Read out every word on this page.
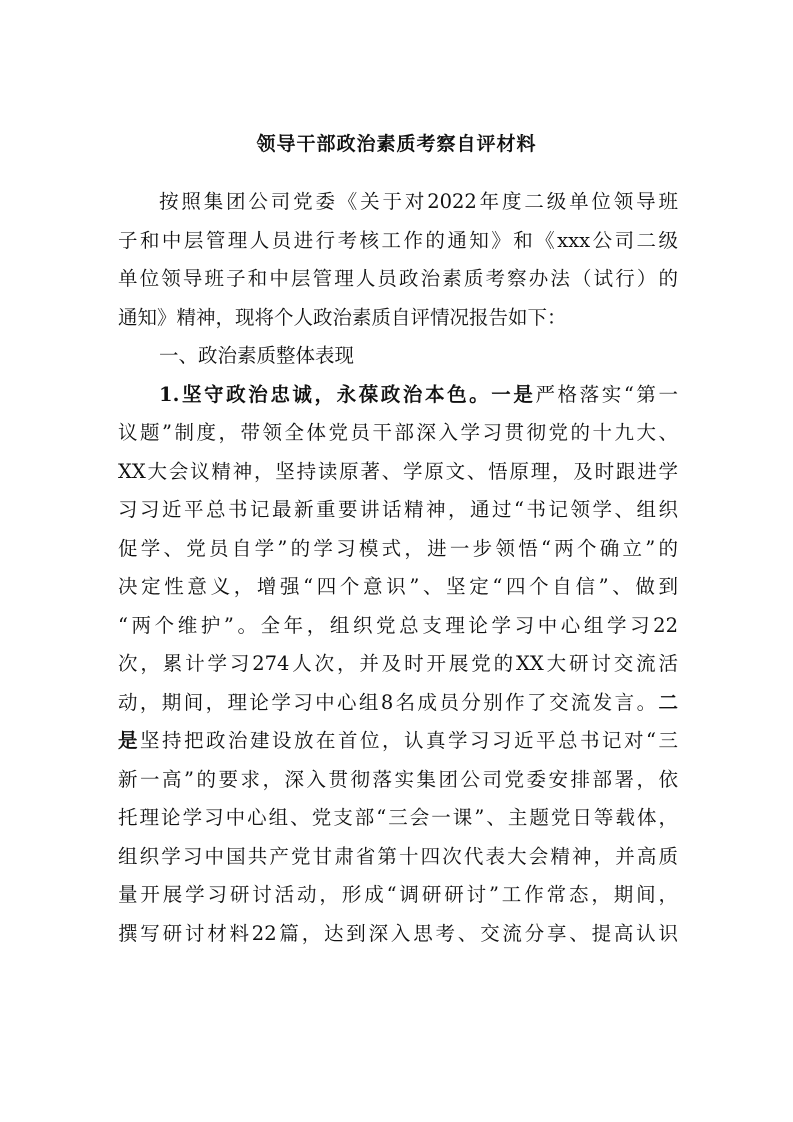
领导干部政治素质考察自评材料
按照集团公司党委《关于对2022年度二级单位领导班
子和中层管理人员进行考核工作的通知》和《xxx公司二级
单位领导班子和中层管理人员政治素质考察办法（试行）的
通知》精神，现将个人政治素质自评情况报告如下：
一、政治素质整体表现
1.坚守政治忠诚，永葆政治本色。一是严格落实“第一
议题”制度，带领全体党员干部深入学习贯彻党的十九大、
XX大会议精神，坚持读原著、学原文、悟原理，及时跟进学
习习近平总书记最新重要讲话精神，通过“书记领学、组织
促学、党员自学”的学习模式，进一步领悟“两个确立”的
决定性意义，增强“四个意识”、坚定“四个自信”、做到
“两个维护”。全年，组织党总支理论学习中心组学习22
次，累计学习274人次，并及时开展党的XX大研讨交流活
动，期间，理论学习中心组8名成员分别作了交流发言。二
是坚持把政治建设放在首位，认真学习习近平总书记对“三
新一高”的要求，深入贯彻落实集团公司党委安排部署，依
托理论学习中心组、党支部“三会一课”、主题党日等载体，
组织学习中国共产党甘肃省第十四次代表大会精神，并高质
量开展学习研讨活动，形成“调研研讨”工作常态，期间，
撰写研讨材料22篇，达到深入思考、交流分享、提高认识
